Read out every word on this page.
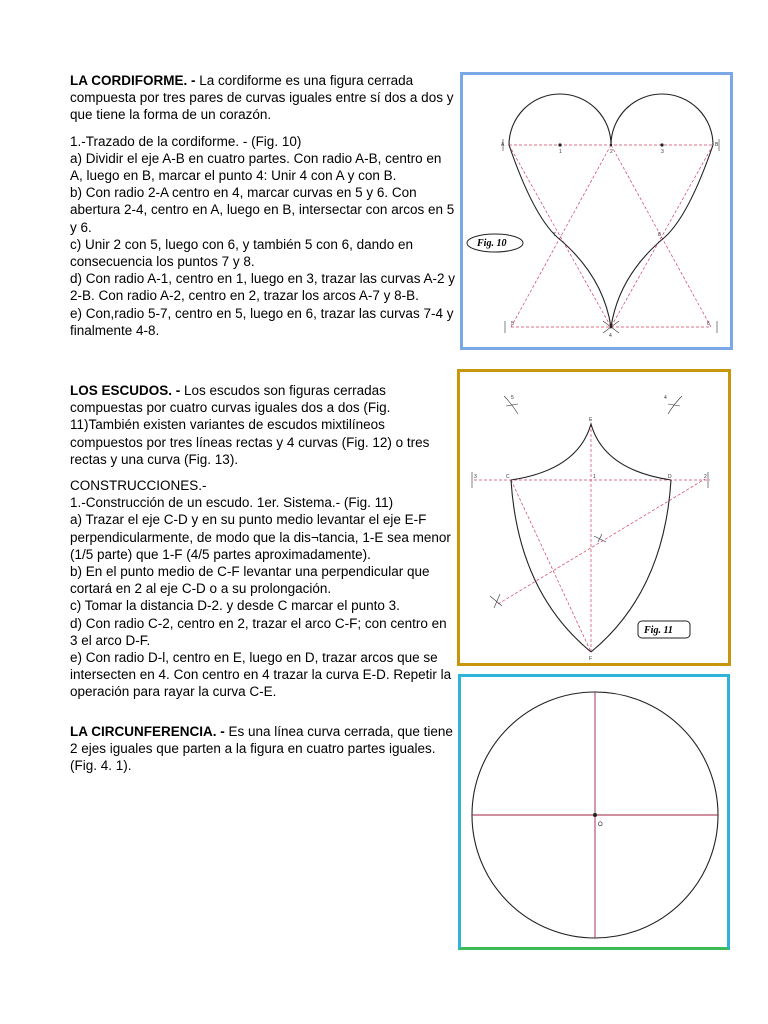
LA CORDIFORME. - La cordiforme es una figura cerrada compuesta por tres pares de curvas iguales entre sí dos a dos y que tiene la forma de un corazón.

1.-Trazado de la cordiforme. - (Fig. 10)

a) Dividir el eje A-B en cuatro partes. Con radio A-B, centro en A, luego en B, marcar el punto 4: Unir 4 con A y con B.

b) Con radio 2-A centro en 4, marcar curvas en 5 y 6. Con abertura 2-4, centro en A, luego en B, intersectar con arcos en 5 y 6.

c) Unir 2 con 5, luego con 6, y también 5 con 6, dando en consecuencia los puntos 7 y 8.

d) Con radio A-1, centro en 1, luego en 3, trazar las curvas A-2 y 2-B. Con radio A-2, centro en 2, trazar los arcos A-7 y 8-B.

e) Con,radio 5-7, centro en 5, luego en 6, trazar las curvas 7-4 y finalmente 4-8.

LOS ESCUDOS. - Los escudos son figuras cerradas compuestas por cuatro curvas iguales dos a dos (Fig. 11)También existen variantes de escudos mixtilíneos compuestos por tres líneas rectas y 4 curvas (Fig. 12) o tres rectas y una curva (Fig. 13).

CONSTRUCCIONES.-

1.-Construcción de un escudo. 1er. Sistema.- (Fig. 11)

a) Trazar el eje C-D y en su punto medio levantar el eje E-F perpendicularmente, de modo que la dis¬tancia, 1-E sea menor (1/5 parte) que 1-F (4/5 partes aproximadamente).

b) En el punto medio de C-F levantar una perpendicular que cortará en 2 al eje C-D o a su prolongación.

c) Tomar la distancia D-2. y desde C marcar el punto 3.

d) Con radio C-2, centro en 2, trazar el arco C-F; con centro en 3 el arco D-F.

e) Con radio D-l, centro en E, luego en D, trazar arcos que se intersecten en 4. Con centro en 4 trazar la curva E-D. Repetir la operación para rayar la curva C-E.

LA CIRCUNFERENCIA. - Es una línea curva cerrada, que tiene 2 ejes iguales que parten a la figura en cuatro partes iguales. (Fig. 4. 1).

A	B
1	2	3
4
5	6
7	8
Fig. 10
C	D
E
F
1	2
3
4
5
Fig. 11
O
